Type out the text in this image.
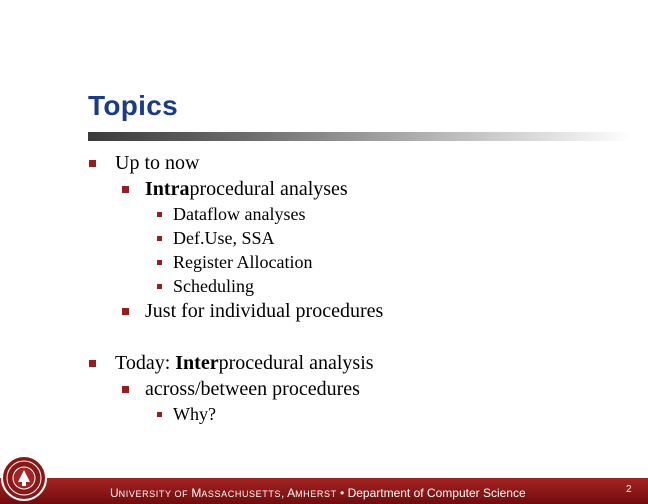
Topics
Up to now
Intraprocedural analyses
Dataflow analyses
Def.Use, SSA
Register Allocation
Scheduling
Just for individual procedures
Today: Interprocedural analysis
across/between procedures
Why?
UNIVERSITY OF MASSACHUSETTS, AMHERST • Department of Computer Science	2
